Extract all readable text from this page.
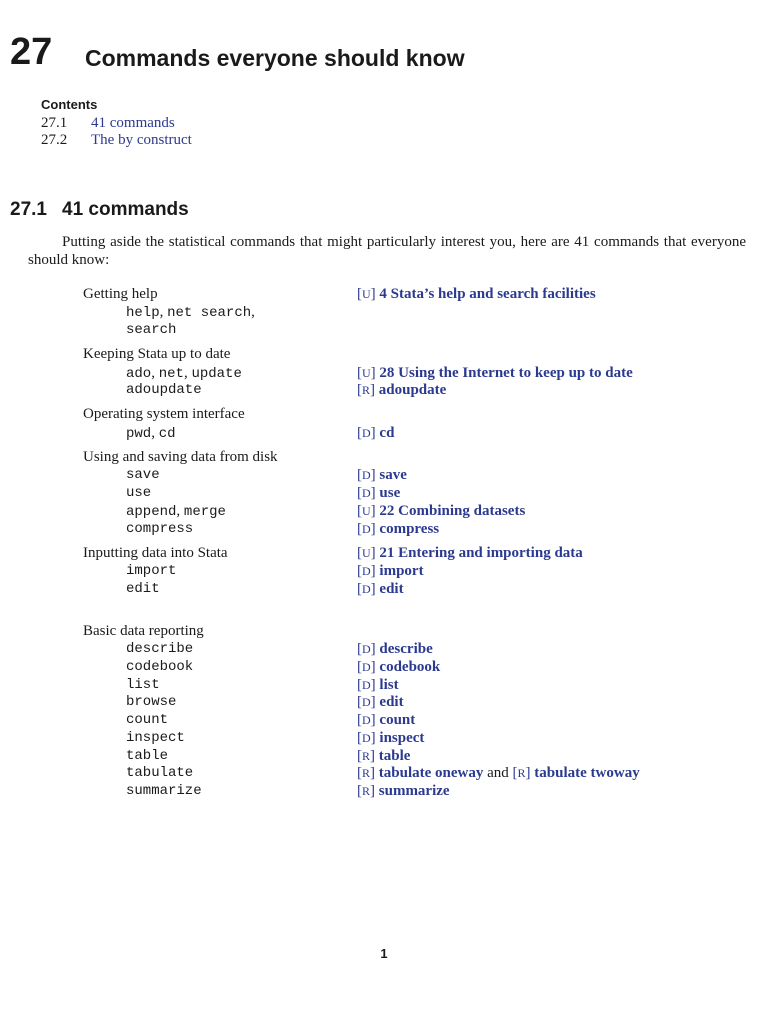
27 Commands everyone should know
Contents
27.1 41 commands
27.2 The by construct
27.1 41 commands
Putting aside the statistical commands that might particularly interest you, here are 41 commands that everyone should know:
Getting help	[U] 4 Stata’s help and search facilities
help, net search,
search
Keeping Stata up to date
ado, net, update	[U] 28 Using the Internet to keep up to date
adoupdate	[R] adoupdate
Operating system interface
pwd, cd	[D] cd
Using and saving data from disk
save	[D] save
use	[D] use
append, merge	[U] 22 Combining datasets
compress	[D] compress
Inputting data into Stata	[U] 21 Entering and importing data
import	[D] import
edit	[D] edit
Basic data reporting
describe	[D] describe
codebook	[D] codebook
list	[D] list
browse	[D] edit
count	[D] count
inspect	[D] inspect
table	[R] table
tabulate	[R] tabulate oneway and [R] tabulate twoway
summarize	[R] summarize
1
